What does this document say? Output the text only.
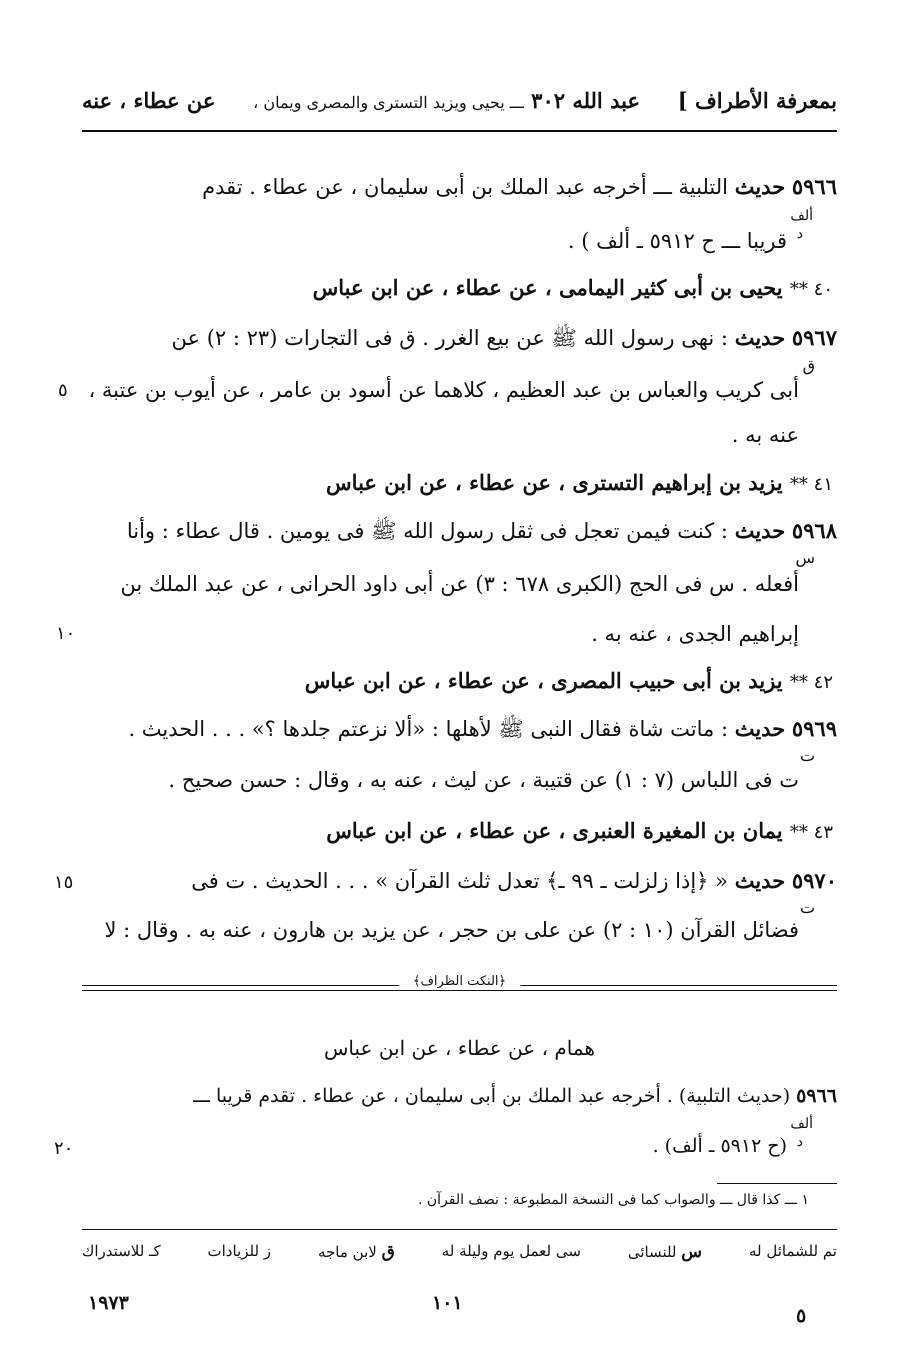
بمعرفة الأطراف ]
عبد الله ٣٠٢ ـــ يحيى ويزيد التسترى والمصرى ويمان ،
عن عطاء ، عنه
٥٩٦٦ حديث التلبية ـــ أخرجه عبد الملك بن أبى سليمان ، عن عطاء . تقدم
ألف
د
قريبا ـــ ح ٥٩١٢ ـ ألف ) .
٤٠ ** يحيى بن أبى كثير اليمامى ، عن عطاء ، عن ابن عباس
٥٩٦٧ حديث : نهى رسول الله ﷺ عن بيع الغرر . ق فى التجارات (٢٣ : ٢) عن
ق
أبى كريب والعباس بن عبد العظيم ، كلاهما عن أسود بن عامر ، عن أيوب بن عتبة ،
عنه به .
٤١ ** يزيد بن إبراهيم التسترى ، عن عطاء ، عن ابن عباس
٥٩٦٨ حديث : كنت فيمن تعجل فى ثقل رسول الله ﷺ فى يومين . قال عطاء : وأنا
س
أفعله . س فى الحج (الكبرى ٦٧٨ : ٣) عن أبى داود الحرانى ، عن عبد الملك بن
إبراهيم الجدى ، عنه به .
٤٢ ** يزيد بن أبى حبيب المصرى ، عن عطاء ، عن ابن عباس
٥٩٦٩ حديث : ماتت شاة فقال النبى ﷺ لأهلها : «ألا نزعتم جلدها ؟» . . . الحديث .
ت
ت فى اللباس (٧ : ١) عن قتيبة ، عن ليث ، عنه به ، وقال : حسن صحيح .
٤٣ ** يمان بن المغيرة العنبرى ، عن عطاء ، عن ابن عباس
٥٩٧٠ حديث « ﴿إذا زلزلت ـ ٩٩ ـ﴾ تعدل ثلث القرآن » . . . الحديث . ت فى
ت
فضائل القرآن (١٠ : ٢) عن على بن حجر ، عن يزيد بن هارون ، عنه به . وقال : لا
﴿النكت الظراف﴾
همام ، عن عطاء ، عن ابن عباس
٥٩٦٦ (حديث التلبية) . أخرجه عبد الملك بن أبى سليمان ، عن عطاء . تقدم قريبا ـــ
ألف
د
(ح ٥٩١٢ ـ ألف) .
١ ـــ كذا قال ـــ والصواب كما فى النسخة المطبوعة : نصف القرآن .
تم للشمائل له
س للنسائى
سى لعمل يوم وليلة له
ق لابن ماجه
ز للزيادات
كـ للاستدراك
٥
١٠
١٥
٢٠
١٩٧٣	١٠١
٥
